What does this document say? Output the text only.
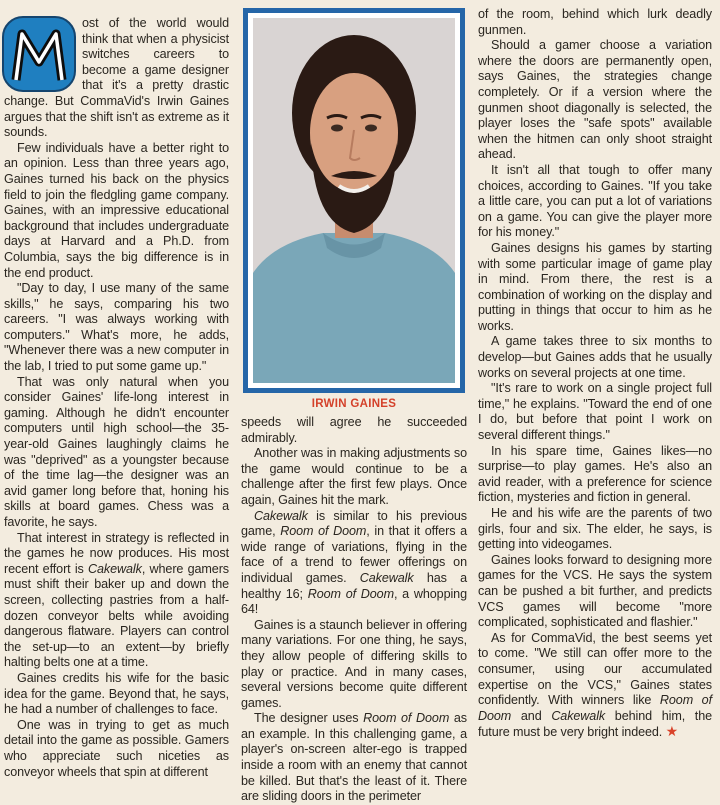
M	ost of the world would think that when a physicist switches careers to become a game designer that it's a pretty drastic change. But CommaVid's Irwin Gaines argues that the shift isn't as extreme as it sounds.

Few individuals have a better right to an opinion. Less than three years ago, Gaines turned his back on the physics field to join the fledgling game company. Gaines, with an impressive educational background that includes undergraduate days at Harvard and a Ph.D. from Columbia, says the big difference is in the end product.

"Day to day, I use many of the same skills," he says, comparing his two careers. "I was always working with computers." What's more, he adds, "Whenever there was a new computer in the lab, I tried to put some game up."

That was only natural when you consider Gaines' life-long interest in gaming. Although he didn't encounter computers until high school—the 35-year-old Gaines laughingly claims he was "deprived" as a youngster because of the time lag—the designer was an avid gamer long before that, honing his skills at board games. Chess was a favorite, he says.

That interest in strategy is reflected in the games he now produces. His most recent effort is Cakewalk, where gamers must shift their baker up and down the screen, collecting pastries from a half-dozen conveyor belts while avoiding dangerous flatware. Players can control the set-up—to an extent—by briefly halting belts one at a time.

Gaines credits his wife for the basic idea for the game. Beyond that, he says, he had a number of challenges to face.

One was in trying to get as much detail into the game as possible. Gamers who appreciate such niceties as conveyor wheels that spin at different

IRWIN GAINES

speeds will agree he succeeded admirably.

Another was in making adjustments so the game would continue to be a challenge after the first few plays. Once again, Gaines hit the mark.

Cakewalk is similar to his previous game, Room of Doom, in that it offers a wide range of variations, flying in the face of a trend to fewer offerings on individual games. Cakewalk has a healthy 16; Room of Doom, a whopping 64!

Gaines is a staunch believer in offering many variations. For one thing, he says, they allow people of differing skills to play or practice. And in many cases, several versions become quite different games.

The designer uses Room of Doom as an example. In this challenging game, a player's on-screen alter-ego is trapped inside a room with an enemy that cannot be killed. But that's the least of it. There are sliding doors in the perimeter

of the room, behind which lurk deadly gunmen.

Should a gamer choose a variation where the doors are permanently open, says Gaines, the strategies change completely. Or if a version where the gunmen shoot diagonally is selected, the player loses the "safe spots" available when the hitmen can only shoot straight ahead.

It isn't all that tough to offer many choices, according to Gaines. "If you take a little care, you can put a lot of variations on a game. You can give the player more for his money."

Gaines designs his games by starting with some particular image of game play in mind. From there, the rest is a combination of working on the display and putting in things that occur to him as he works.

A game takes three to six months to develop—but Gaines adds that he usually works on several projects at one time.

"It's rare to work on a single project full time," he explains. "Toward the end of one I do, but before that point I work on several different things."

In his spare time, Gaines likes—no surprise—to play games. He's also an avid reader, with a preference for science fiction, mysteries and fiction in general.

He and his wife are the parents of two girls, four and six. The elder, he says, is getting into videogames.

Gaines looks forward to designing more games for the VCS. He says the system can be pushed a bit further, and predicts VCS games will become "more complicated, sophisticated and flashier."

As for CommaVid, the best seems yet to come. "We still can offer more to the consumer, using our accumulated expertise on the VCS," Gaines states confidently. With winners like Room of Doom and Cakewalk behind him, the future must be very bright indeed. ★
